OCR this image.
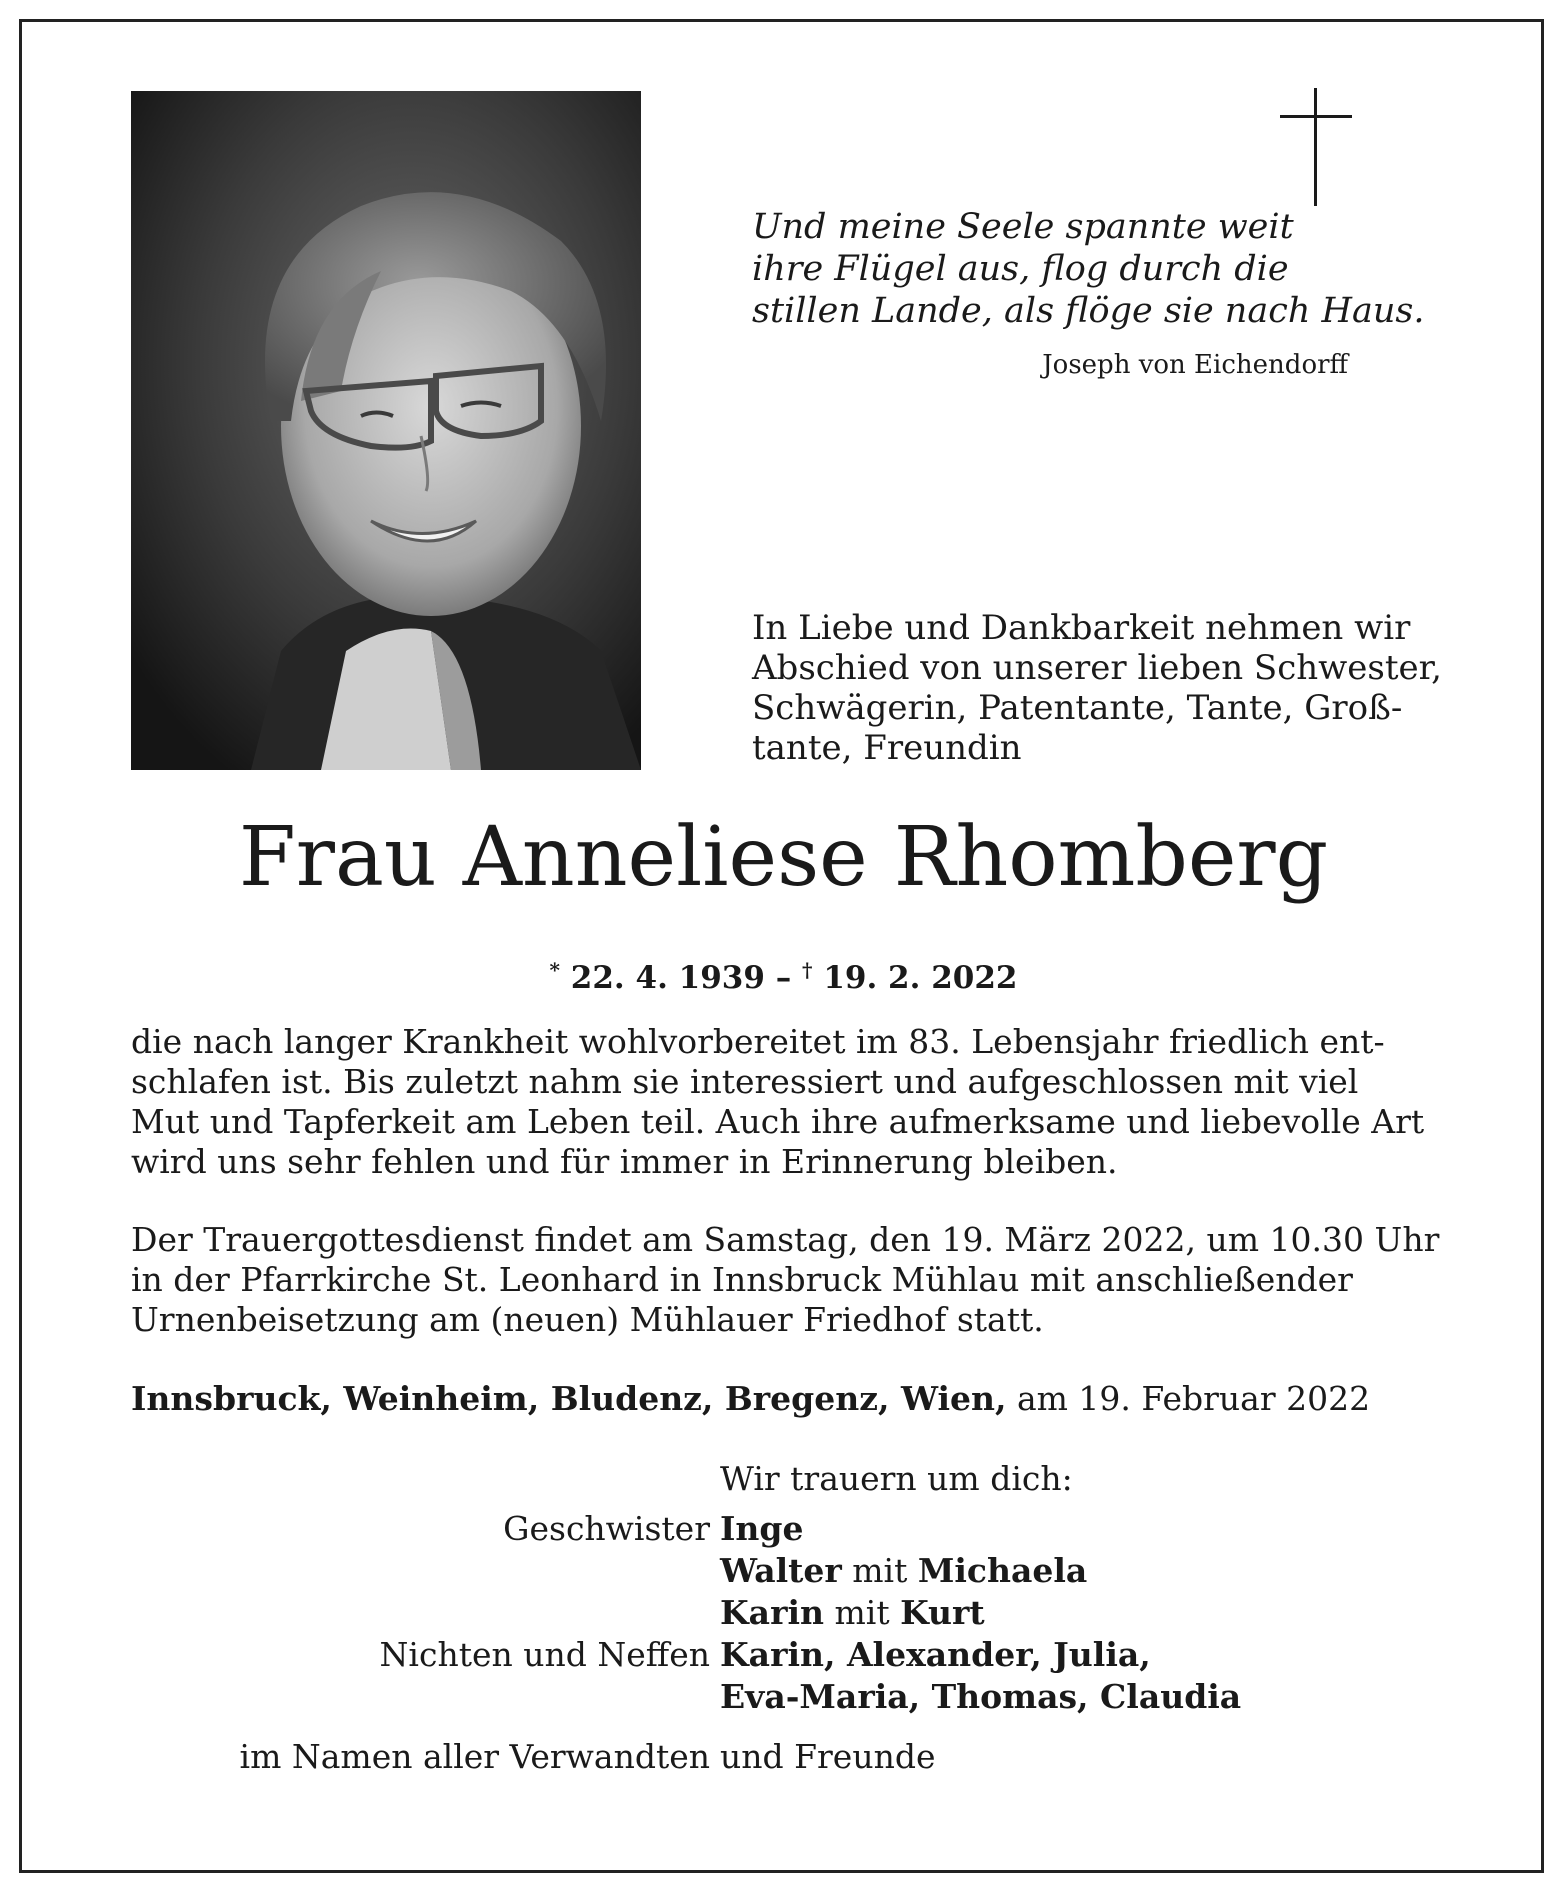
Und meine Seele spannte weit
ihre Flügel aus, flog durch die
stillen Lande, als flöge sie nach Haus.
Joseph von Eichendorff
In Liebe und Dankbarkeit nehmen wir
Abschied von unserer lieben Schwester,
Schwägerin, Patentante, Tante, Groß-
tante, Freundin
Frau Anneliese Rhomberg
* 22. 4. 1939 – † 19. 2. 2022
die nach langer Krankheit wohlvorbereitet im 83. Lebensjahr friedlich ent-
schlafen ist. Bis zuletzt nahm sie interessiert und aufgeschlossen mit viel
Mut und Tapferkeit am Leben teil. Auch ihre aufmerksame und liebevolle Art
wird uns sehr fehlen und für immer in Erinnerung bleiben.
Der Trauergottesdienst findet am Samstag, den 19. März 2022, um 10.30 Uhr
in der Pfarrkirche St. Leonhard in Innsbruck Mühlau mit anschließender
Urnenbeisetzung am (neuen) Mühlauer Friedhof statt.
Innsbruck, Weinheim, Bludenz, Bregenz, Wien, am 19. Februar 2022
Wir trauern um dich:
Geschwister Inge
Walter mit Michaela
Karin mit Kurt
Nichten und Neffen Karin, Alexander, Julia,
Eva-Maria, Thomas, Claudia
im Namen aller Verwandten und Freunde
